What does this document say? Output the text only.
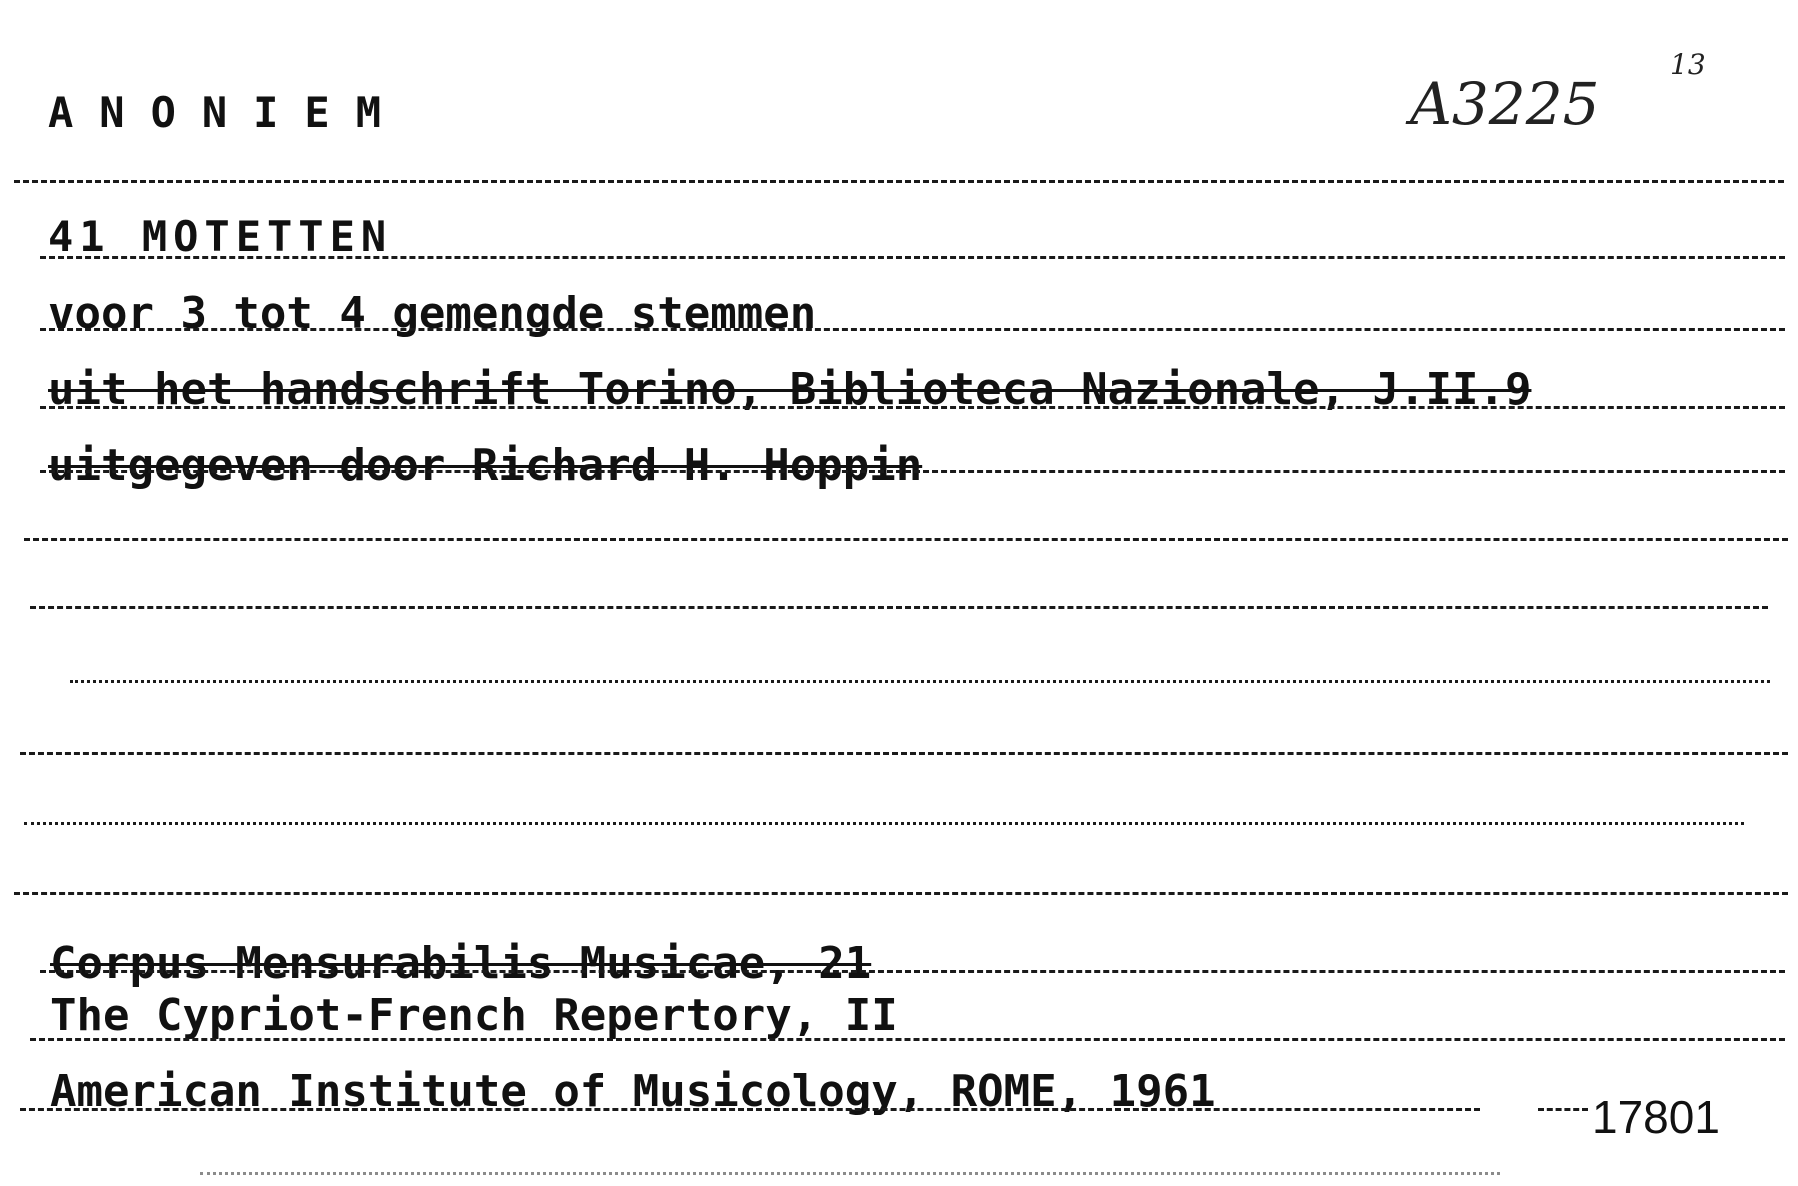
ANONIEM	A3225
13
41 MOTETTEN
voor 3 tot 4 gemengde stemmen
uit het handschrift Torino, Biblioteca Nazionale, J.II.9
uitgegeven door Richard H. Hoppin
Corpus Mensurabilis Musicae, 21
The Cypriot-French Repertory, II
American Institute of Musicology, ROME, 1961	17801
